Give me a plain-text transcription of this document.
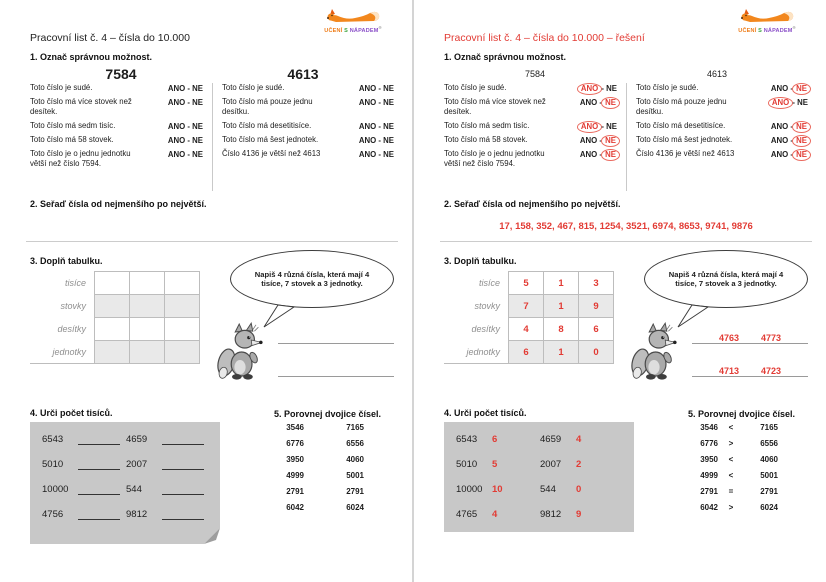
UČENÍ S NÁPADEM®
Pracovní list č. 4 – čísla do 10.000
1. Označ správnou možnost.
7584	4613
Toto číslo je sudé.	ANO - NE
Toto číslo má více stovek než desítek.
ANO - NE
Toto číslo má sedm tisíc.	ANO - NE
Toto číslo má 58 stovek.	ANO - NE
Toto číslo je o jednu jednotku větší než číslo 7594.
ANO - NE
Toto číslo je sudé.	ANO - NE
Toto číslo má pouze jednu desítku.
ANO - NE
Toto číslo má desetitisíce.	ANO - NE
Toto číslo má šest jednotek.	ANO - NE
Číslo 4136 je větší než 4613	ANO - NE
2. Seřaď čísla od nejmenšího po největší.
3. Doplň tabulku.
tisíce			
stovky			
desítky			
jednotky			
Napiš 4 různá čísla, která mají 4 tisíce, 7 stovek a 3 jednotky.
4. Urči počet tisíců.
6543	4659
5010	2007
10000	544
4756	9812
5. Porovnej dvojice čísel.
3546	7165
6776	6556
3950	4060
4999	5001
2791	2791
6042	6024
UČENÍ S NÁPADEM®
Pracovní list č. 4 – čísla do 10.000 – řešení
1. Označ správnou možnost.
7584	4613
Toto číslo je sudé.	ANO - NE
Toto číslo má více stovek než desítek.
ANO - NE
Toto číslo má sedm tisíc.	ANO - NE
Toto číslo má 58 stovek.	ANO - NE
Toto číslo je o jednu jednotku větší než číslo 7594.
ANO - NE
Toto číslo je sudé.	ANO - NE
Toto číslo má pouze jednu desítku.
ANO - NE
Toto číslo má desetitisíce.	ANO - NE
Toto číslo má šest jednotek.	ANO - NE
Číslo 4136 je větší než 4613	ANO - NE
2. Seřaď čísla od nejmenšího po největší.
17, 158, 352, 467, 815, 1254, 3521, 6974, 8653, 9741, 9876
3. Doplň tabulku.
tisíce	5	1	3
stovky	7	1	9
desítky	4	8	6
jednotky	6	1	0
Napiš 4 různá čísla, která mají 4 tisíce, 7 stovek a 3 jednotky.
4763 4773
4713 4723
4. Urči počet tisíců.
6543	6	4659	4
5010	5	2007	2
10000	10	544	0
4765	4	9812	9
5. Porovnej dvojice čísel.
3546	<	7165
6776	>	6556
3950	<	4060
4999	<	5001
2791	=	2791
6042	>	6024
